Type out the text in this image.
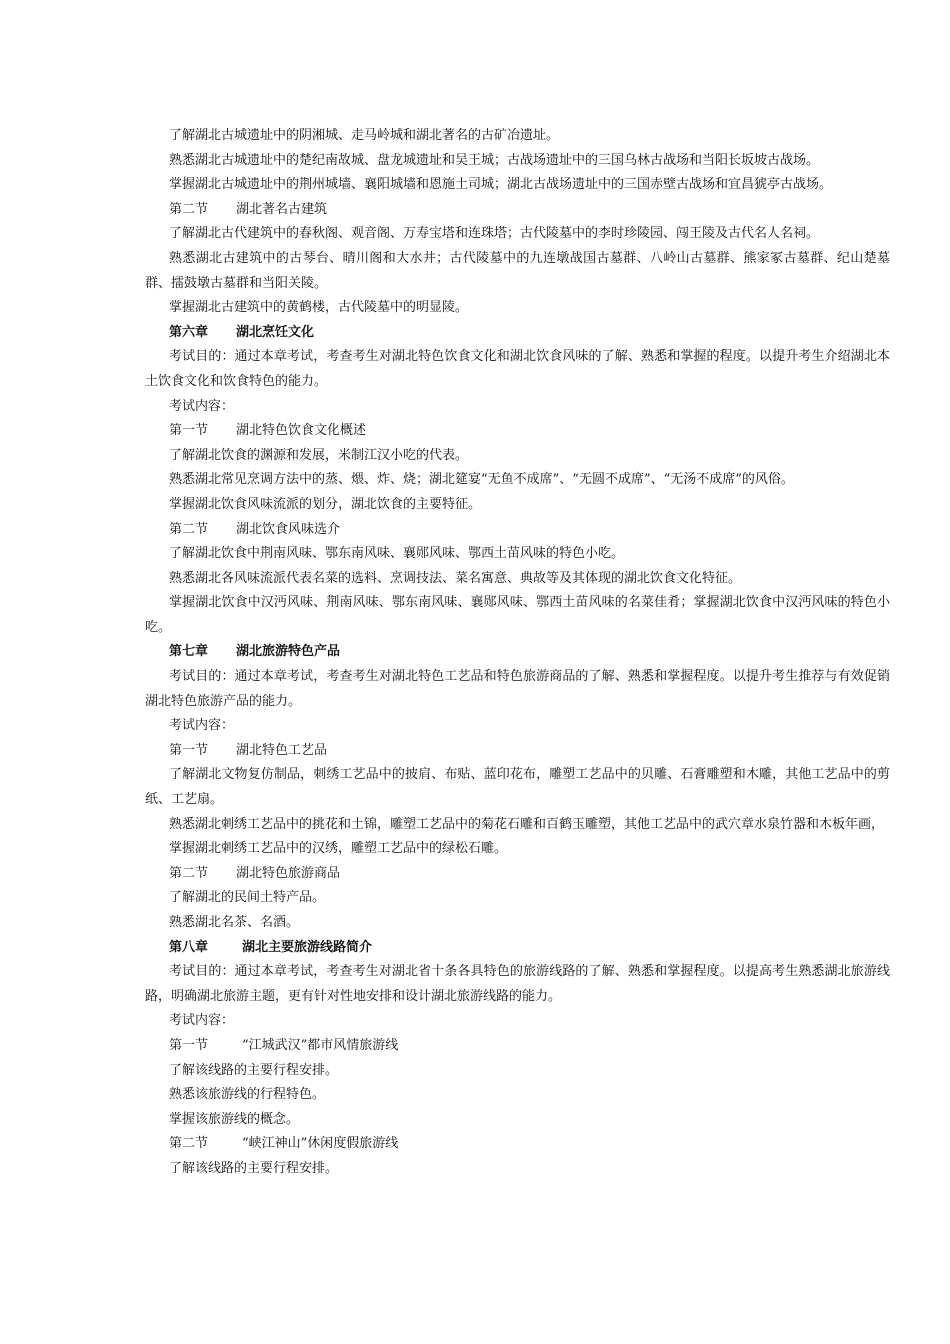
了解湖北古城遗址中的阴湘城、走马岭城和湖北著名的古矿冶遗址。
熟悉湖北古城遗址中的楚纪南故城、盘龙城遗址和吴王城；古战场遗址中的三国乌林古战场和当阳长坂坡古战场。
掌握湖北古城遗址中的荆州城墙、襄阳城墙和恩施土司城；湖北古战场遗址中的三国赤壁古战场和宜昌猇亭古战场。
第二节 湖北著名古建筑
了解湖北古代建筑中的春秋阁、观音阁、万寿宝塔和连珠塔；古代陵墓中的李时珍陵园、闯王陵及古代名人名祠。
熟悉湖北古建筑中的古琴台、晴川阁和大水井；古代陵墓中的九连墩战国古墓群、八岭山古墓群、熊家冢古墓群、纪山楚墓群、擂鼓墩古墓群和当阳关陵。
掌握湖北古建筑中的黄鹤楼，古代陵墓中的明显陵。
第六章 湖北烹饪文化
考试目的：通过本章考试，考查考生对湖北特色饮食文化和湖北饮食风味的了解、熟悉和掌握的程度。以提升考生介绍湖北本土饮食文化和饮食特色的能力。
考试内容：
第一节 湖北特色饮食文化概述
了解湖北饮食的渊源和发展，米制江汉小吃的代表。
熟悉湖北常见烹调方法中的蒸、煨、炸、烧；湖北筵宴“无鱼不成席”、“无圆不成席”、“无汤不成席”的风俗。
掌握湖北饮食风味流派的划分，湖北饮食的主要特征。
第二节 湖北饮食风味选介
了解湖北饮食中荆南风味、鄂东南风味、襄郧风味、鄂西土苗风味的特色小吃。
熟悉湖北各风味流派代表名菜的选料、烹调技法、菜名寓意、典故等及其体现的湖北饮食文化特征。
掌握湖北饮食中汉沔风味、荆南风味、鄂东南风味、襄郧风味、鄂西土苗风味的名菜佳肴；掌握湖北饮食中汉沔风味的特色小吃。
第七章 湖北旅游特色产品
考试目的：通过本章考试，考查考生对湖北特色工艺品和特色旅游商品的了解、熟悉和掌握程度。以提升考生推荐与有效促销湖北特色旅游产品的能力。
考试内容：
第一节 湖北特色工艺品
了解湖北文物复仿制品，刺绣工艺品中的披肩、布贴、蓝印花布，雕塑工艺品中的贝雕、石膏雕塑和木雕，其他工艺品中的剪纸、工艺扇。
熟悉湖北刺绣工艺品中的挑花和土锦，雕塑工艺品中的菊花石雕和百鹤玉雕塑，其他工艺品中的武穴章水泉竹器和木板年画，
掌握湖北刺绣工艺品中的汉绣，雕塑工艺品中的绿松石雕。
第二节 湖北特色旅游商品
了解湖北的民间土特产品。
熟悉湖北名茶、名酒。
第八章	湖北主要旅游线路简介
考试目的：通过本章考试，考查考生对湖北省十条各具特色的旅游线路的了解、熟悉和掌握程度。以提高考生熟悉湖北旅游线路，明确湖北旅游主题，更有针对性地安排和设计湖北旅游线路的能力。
考试内容：
第一节	“江城武汉”都市风情旅游线
了解该线路的主要行程安排。
熟悉该旅游线的行程特色。
掌握该旅游线的概念。
第二节	“峡江神山”休闲度假旅游线
了解该线路的主要行程安排。
